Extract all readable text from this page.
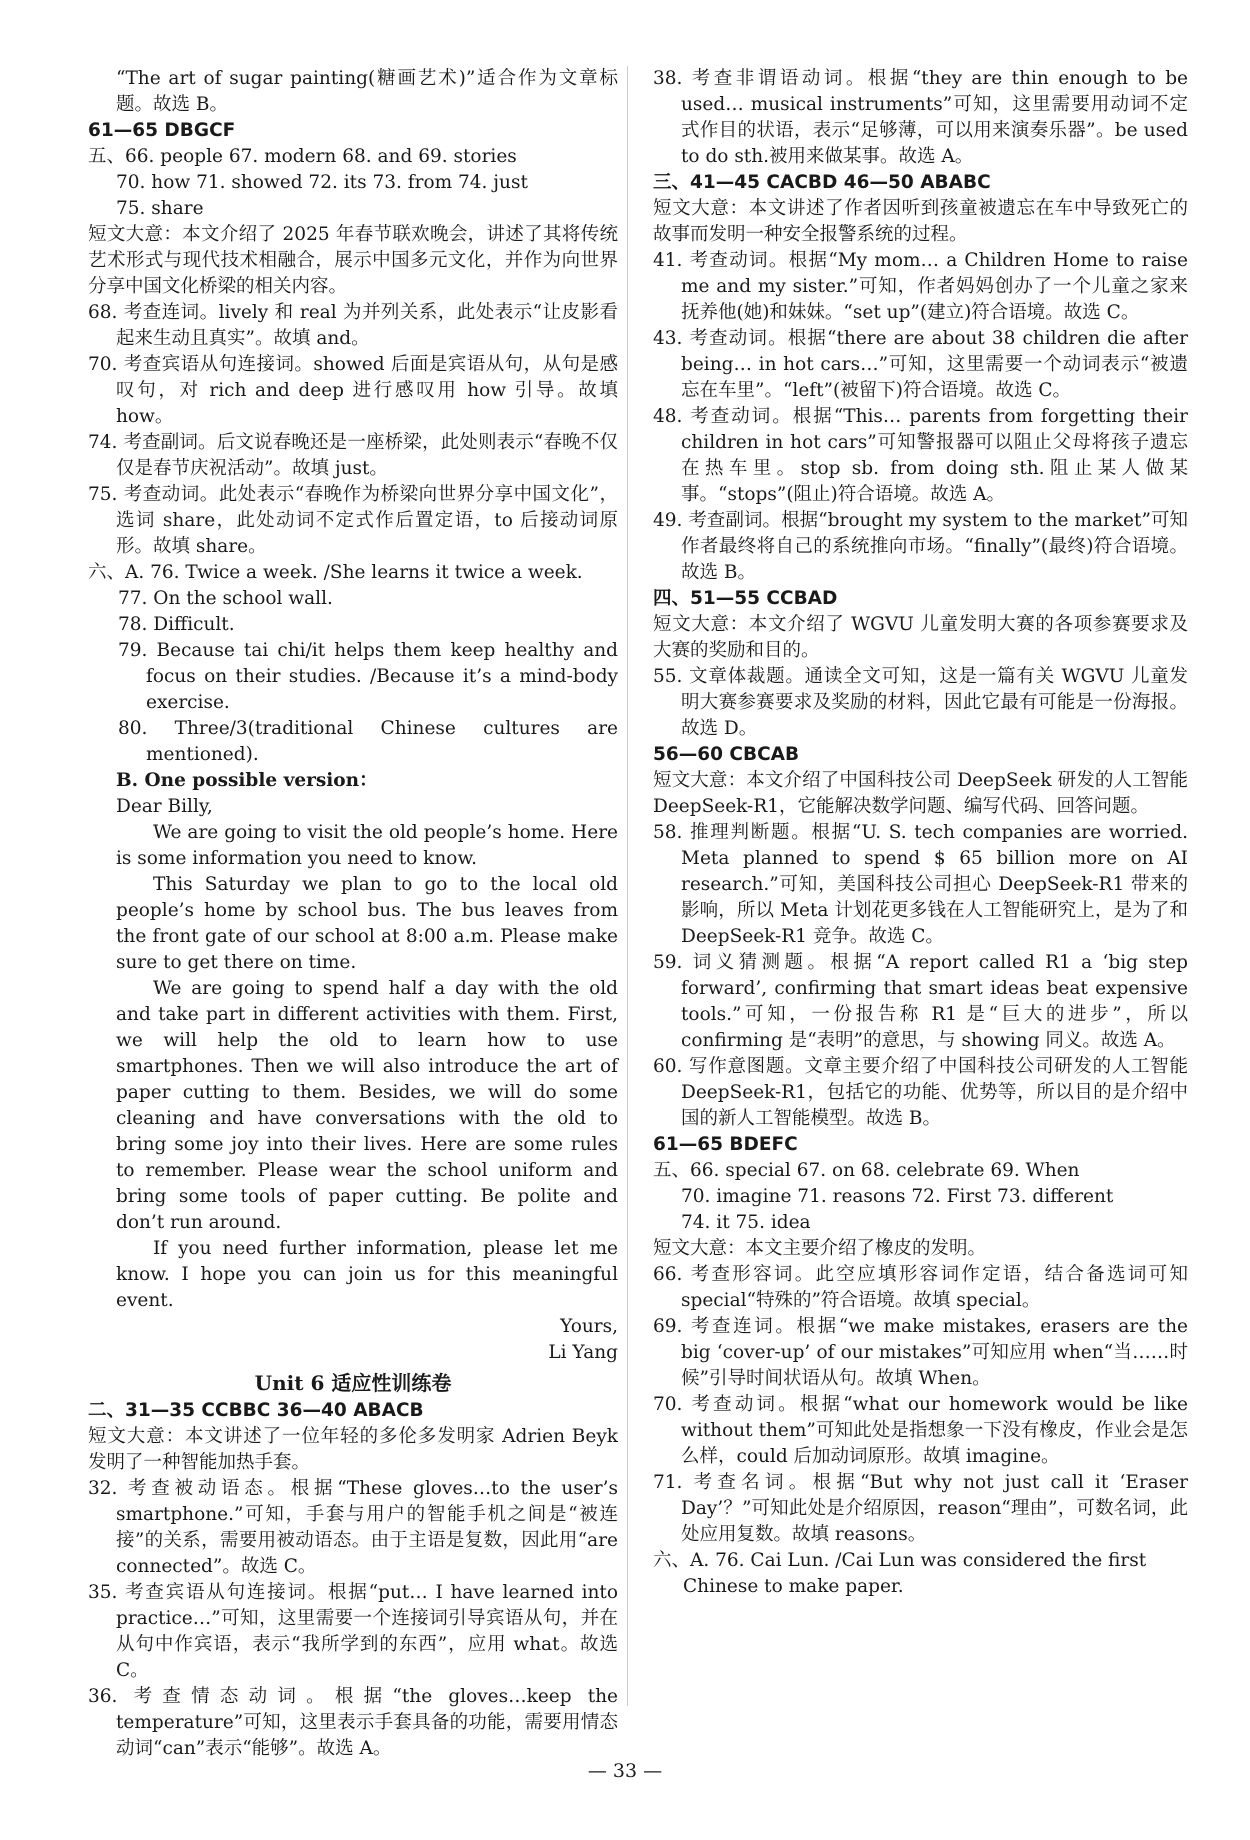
“The art of sugar painting(糖画艺术)”适合作为文章标题。故选 B。

61—65 DBGCF

五、66. people 67. modern 68. and 69. stories

70. how 71. showed 72. its 73. from 74. just

75. share

短文大意：本文介绍了 2025 年春节联欢晚会，讲述了其将传统艺术形式与现代技术相融合，展示中国多元文化，并作为向世界分享中国文化桥梁的相关内容。

68. 考查连词。lively 和 real 为并列关系，此处表示“让皮影看起来生动且真实”。故填 and。

70. 考查宾语从句连接词。showed 后面是宾语从句，从句是感叹句，对 rich and deep 进行感叹用 how 引导。故填 how。

74. 考查副词。后文说春晚还是一座桥梁，此处则表示“春晚不仅仅是春节庆祝活动”。故填 just。

75. 考查动词。此处表示“春晚作为桥梁向世界分享中国文化”，选词 share，此处动词不定式作后置定语，to 后接动词原形。故填 share。

六、A. 76. Twice a week. /She learns it twice a week.

77. On the school wall.

78. Difficult.

79. Because tai chi/it helps them keep healthy and focus on their studies. /Because it’s a mind-body exercise.

80. Three/3(traditional Chinese cultures are mentioned).

B. One possible version：

Dear Billy,

We are going to visit the old people’s home. Here is some information you need to know.

This Saturday we plan to go to the local old people’s home by school bus. The bus leaves from the front gate of our school at 8:00 a.m. Please make sure to get there on time.

We are going to spend half a day with the old and take part in different activities with them. First, we will help the old to learn how to use smartphones. Then we will also introduce the art of paper cutting to them. Besides, we will do some cleaning and have conversations with the old to bring some joy into their lives. Here are some rules to remember. Please wear the school uniform and bring some tools of paper cutting. Be polite and don’t run around.

If you need further information, please let me know. I hope you can join us for this meaningful event.

Yours,

Li Yang

Unit 6 适应性训练卷

二、31—35 CCBBC 36—40 ABACB

短文大意：本文讲述了一位年轻的多伦多发明家 Adrien Beyk 发明了一种智能加热手套。

32. 考查被动语态。根据“These gloves…to the user’s smartphone.”可知，手套与用户的智能手机之间是“被连接”的关系，需要用被动语态。由于主语是复数，因此用“are connected”。故选 C。

35. 考查宾语从句连接词。根据“put… I have learned into practice…”可知，这里需要一个连接词引导宾语从句，并在从句中作宾语，表示“我所学到的东西”，应用 what。故选 C。

36. 考查情态动词。根据“the gloves…keep the temperature”可知，这里表示手套具备的功能，需要用情态动词“can”表示“能够”。故选 A。

38. 考查非谓语动词。根据“they are thin enough to be used… musical instruments”可知，这里需要用动词不定式作目的状语，表示“足够薄，可以用来演奏乐器”。be used to do sth.被用来做某事。故选 A。

三、41—45 CACBD 46—50 ABABC

短文大意：本文讲述了作者因听到孩童被遗忘在车中导致死亡的故事而发明一种安全报警系统的过程。

41. 考查动词。根据“My mom… a Children Home to raise me and my sister.”可知，作者妈妈创办了一个儿童之家来抚养他(她)和妹妹。“set up”(建立)符合语境。故选 C。

43. 考查动词。根据“there are about 38 children die after being… in hot cars…”可知，这里需要一个动词表示“被遗忘在车里”。“left”(被留下)符合语境。故选 C。

48. 考查动词。根据“This… parents from forgetting their children in hot cars”可知警报器可以阻止父母将孩子遗忘在热车里。stop sb. from doing sth.阻止某人做某事。“stops”(阻止)符合语境。故选 A。

49. 考查副词。根据“brought my system to the market”可知作者最终将自己的系统推向市场。“finally”(最终)符合语境。故选 B。

四、51—55 CCBAD

短文大意：本文介绍了 WGVU 儿童发明大赛的各项参赛要求及大赛的奖励和目的。

55. 文章体裁题。通读全文可知，这是一篇有关 WGVU 儿童发明大赛参赛要求及奖励的材料，因此它最有可能是一份海报。故选 D。

56—60 CBCAB

短文大意：本文介绍了中国科技公司 DeepSeek 研发的人工智能 DeepSeek-R1，它能解决数学问题、编写代码、回答问题。

58. 推理判断题。根据“U. S. tech companies are worried. Meta planned to spend $ 65 billion more on AI research.”可知，美国科技公司担心 DeepSeek-R1 带来的影响，所以 Meta 计划花更多钱在人工智能研究上，是为了和 DeepSeek-R1 竞争。故选 C。

59. 词义猜测题。根据“A report called R1 a ‘big step forward’, confirming that smart ideas beat expensive tools.”可知，一份报告称 R1 是“巨大的进步”，所以 confirming 是“表明”的意思，与 showing 同义。故选 A。

60. 写作意图题。文章主要介绍了中国科技公司研发的人工智能 DeepSeek-R1，包括它的功能、优势等，所以目的是介绍中国的新人工智能模型。故选 B。

61—65 BDEFC

五、66. special 67. on 68. celebrate 69. When

70. imagine 71. reasons 72. First 73. different

74. it 75. idea

短文大意：本文主要介绍了橡皮的发明。

66. 考查形容词。此空应填形容词作定语，结合备选词可知 special“特殊的”符合语境。故填 special。

69. 考查连词。根据“we make mistakes, erasers are the big ‘cover-up’ of our mistakes”可知应用 when“当……时候”引导时间状语从句。故填 When。

70. 考查动词。根据“what our homework would be like without them”可知此处是指想象一下没有橡皮，作业会是怎么样，could 后加动词原形。故填 imagine。

71. 考查名词。根据“But why not just call it ‘Eraser Day’？”可知此处是介绍原因，reason“理由”，可数名词，此处应用复数。故填 reasons。

六、A. 76. Cai Lun. /Cai Lun was considered the first

Chinese to make paper.

— 33 —
